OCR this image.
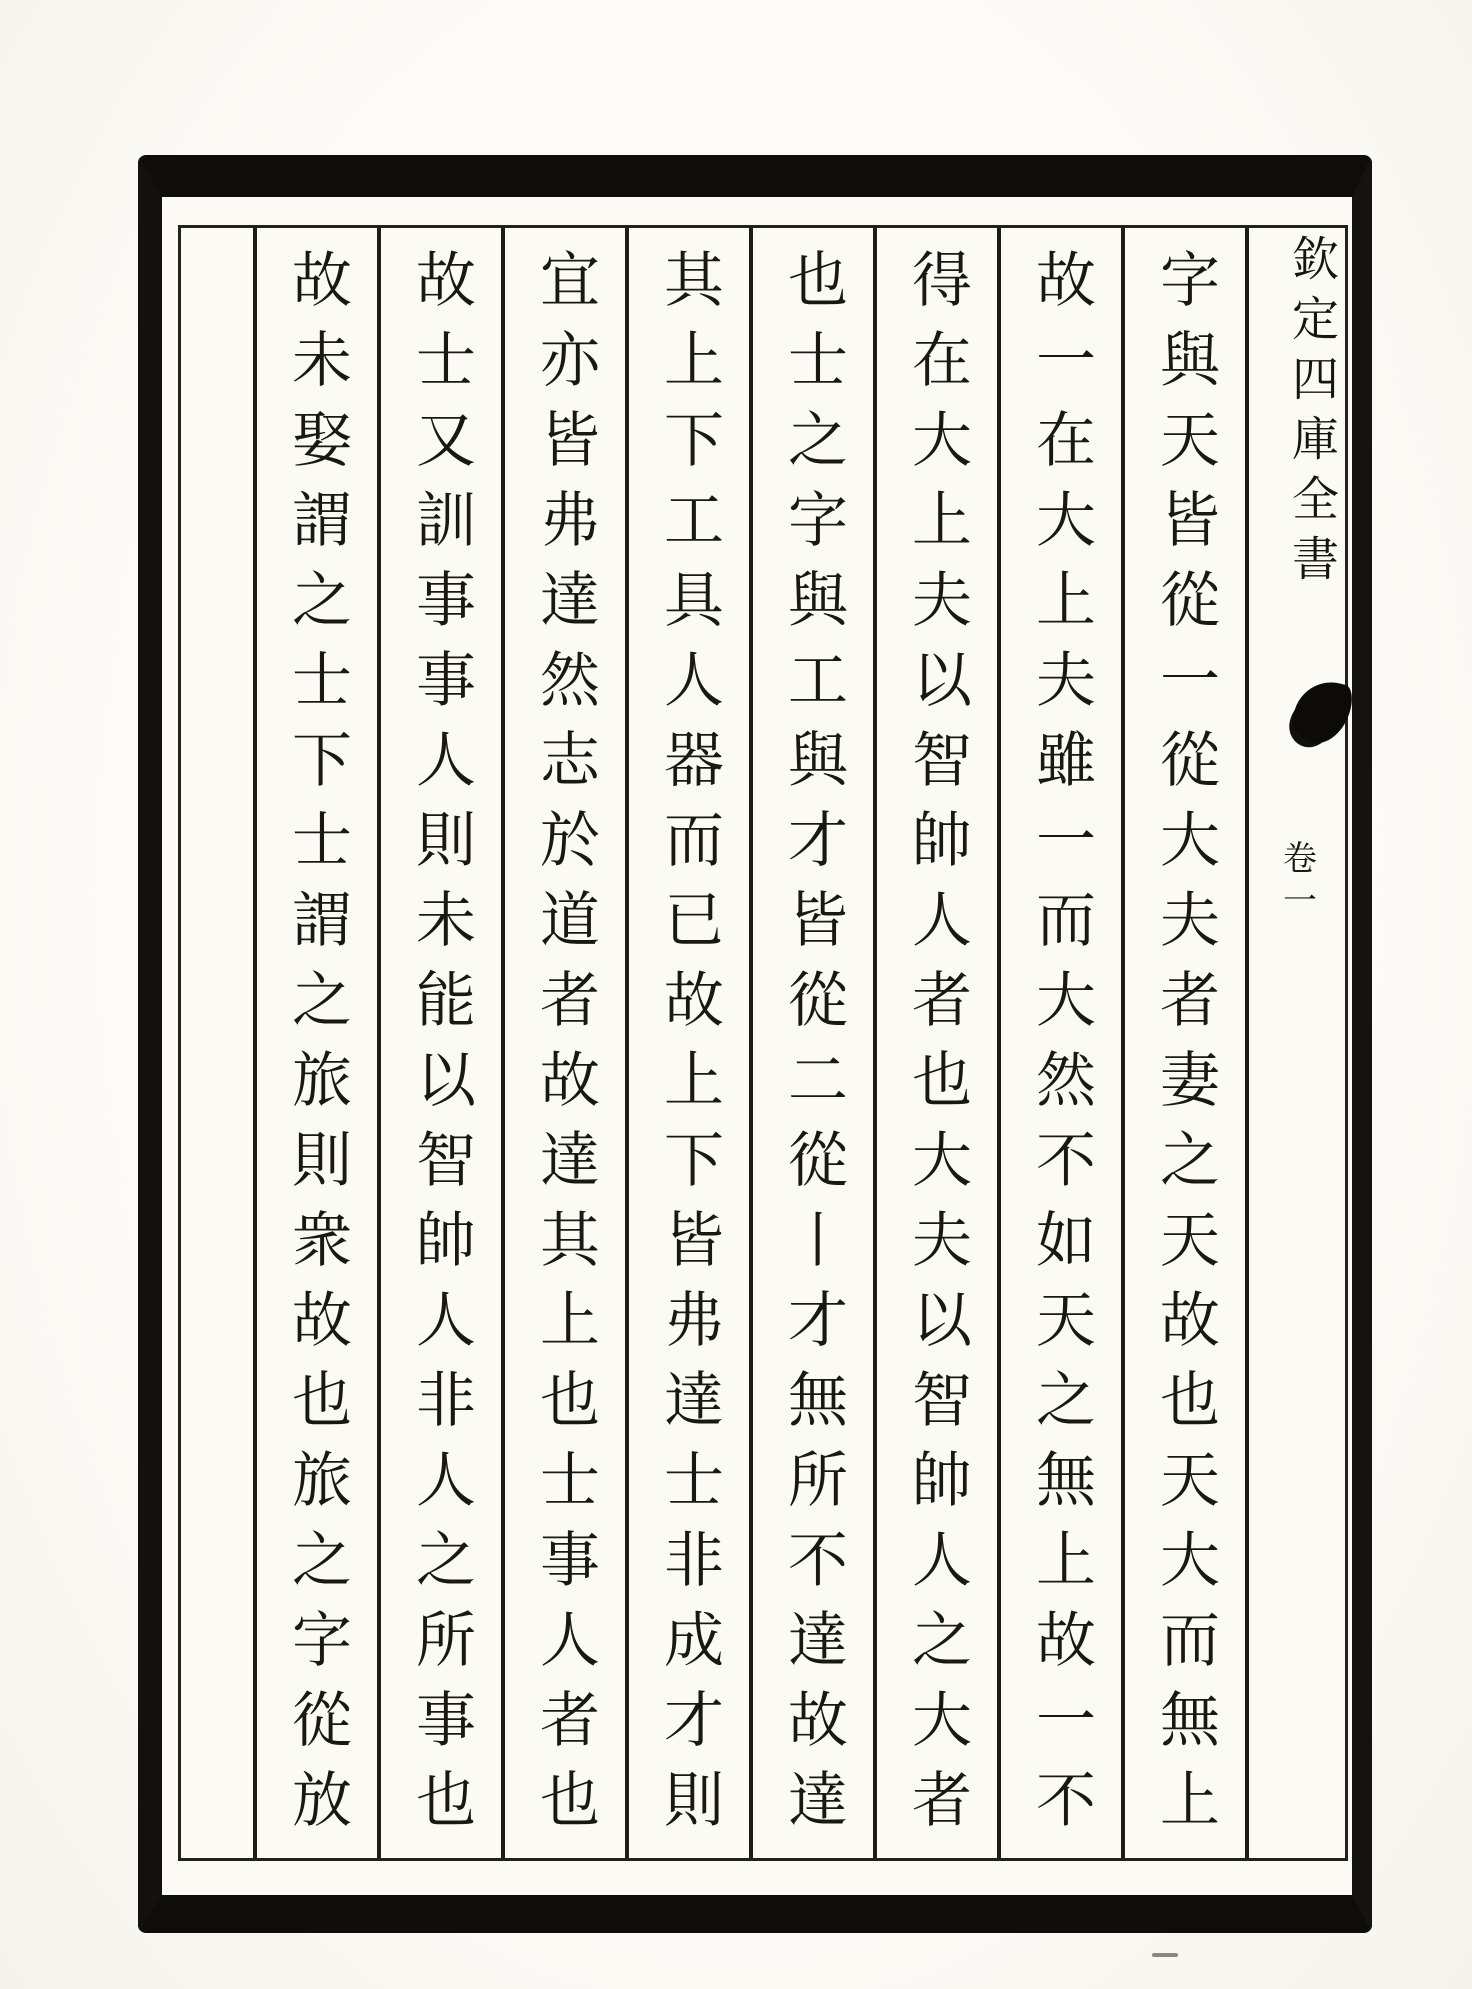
欽定四庫全書
卷一
字與天皆從一從大夫者妻之天故也天大而無上
故一在大上夫雖一而大然不如天之無上故一不
得在大上夫以智帥人者也大夫以智帥人之大者
也士之字與工與才皆從二從丨才無所不達故達
其上下工具人器而已故上下皆弗達士非成才則
宜亦皆弗達然志於道者故達其上也士事人者也
故士又訓事事人則未能以智帥人非人之所事也
故未娶謂之士下士謂之旅則衆故也旅之字從放
